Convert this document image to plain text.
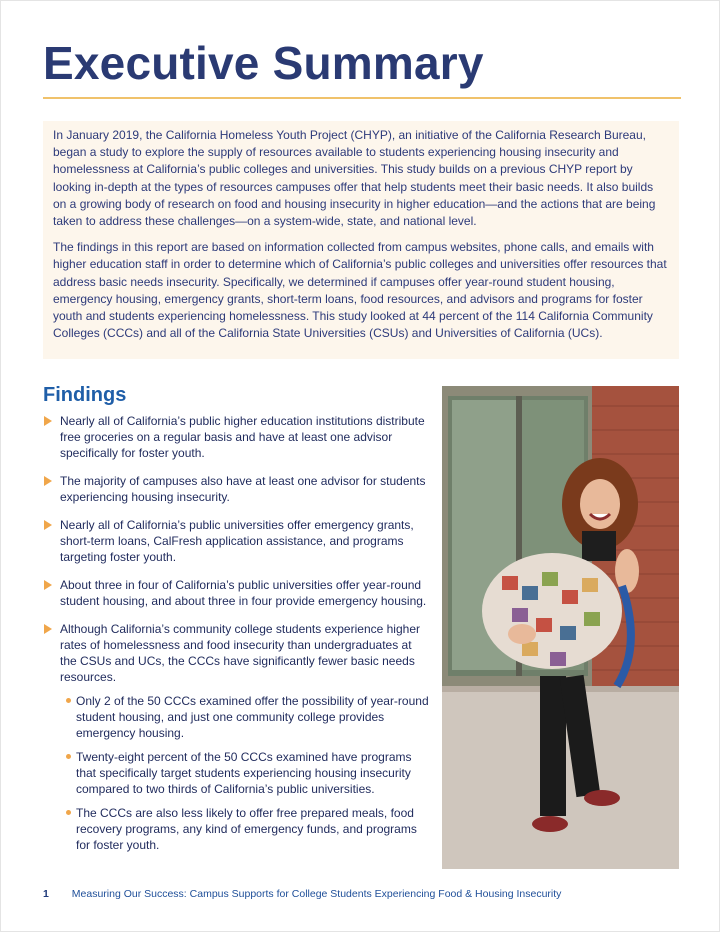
Executive Summary

In January 2019, the California Homeless Youth Project (CHYP), an initiative of the California Research Bureau, began a study to explore the supply of resources available to students experiencing housing insecurity and homelessness at California’s public colleges and universities. This study builds on a previous CHYP report by looking in-depth at the types of resources campuses offer that help students meet their basic needs. It also builds on a growing body of research on food and housing insecurity in higher education—and the actions that are being taken to address these challenges—on a system-wide, state, and national level.

The findings in this report are based on information collected from campus websites, phone calls, and emails with higher education staff in order to determine which of California’s public colleges and universities offer resources that address basic needs insecurity. Specifically, we determined if campuses offer year-round student housing, emergency housing, emergency grants, short-term loans, food resources, and advisors and programs for foster youth and students experiencing homelessness. This study looked at 44 percent of the 114 California Community Colleges (CCCs) and all of the California State Universities (CSUs) and Universities of California (UCs).

Findings
Nearly all of California’s public higher education institutions distribute free groceries on a regular basis and have at least one advisor specifically for foster youth.
The majority of campuses also have at least one advisor for students experiencing housing insecurity.
Nearly all of California’s public universities offer emergency grants, short-term loans, CalFresh application assistance, and programs targeting foster youth.
About three in four of California’s public universities offer year-round student housing, and about three in four provide emergency housing.
Although California’s community college students experience higher rates of homelessness and food insecurity than undergraduates at the CSUs and UCs, the CCCs have significantly fewer basic needs resources.
Only 2 of the 50 CCCs examined offer the possibility of year-round student housing, and just one community college provides emergency housing.
Twenty-eight percent of the 50 CCCs examined have programs that specifically target students experiencing housing insecurity compared to two thirds of California’s public universities.
The CCCs are also less likely to offer free prepared meals, food recovery programs, any kind of emergency funds, and programs for foster youth.
1 Measuring Our Success: Campus Supports for College Students Experiencing Food & Housing Insecurity
